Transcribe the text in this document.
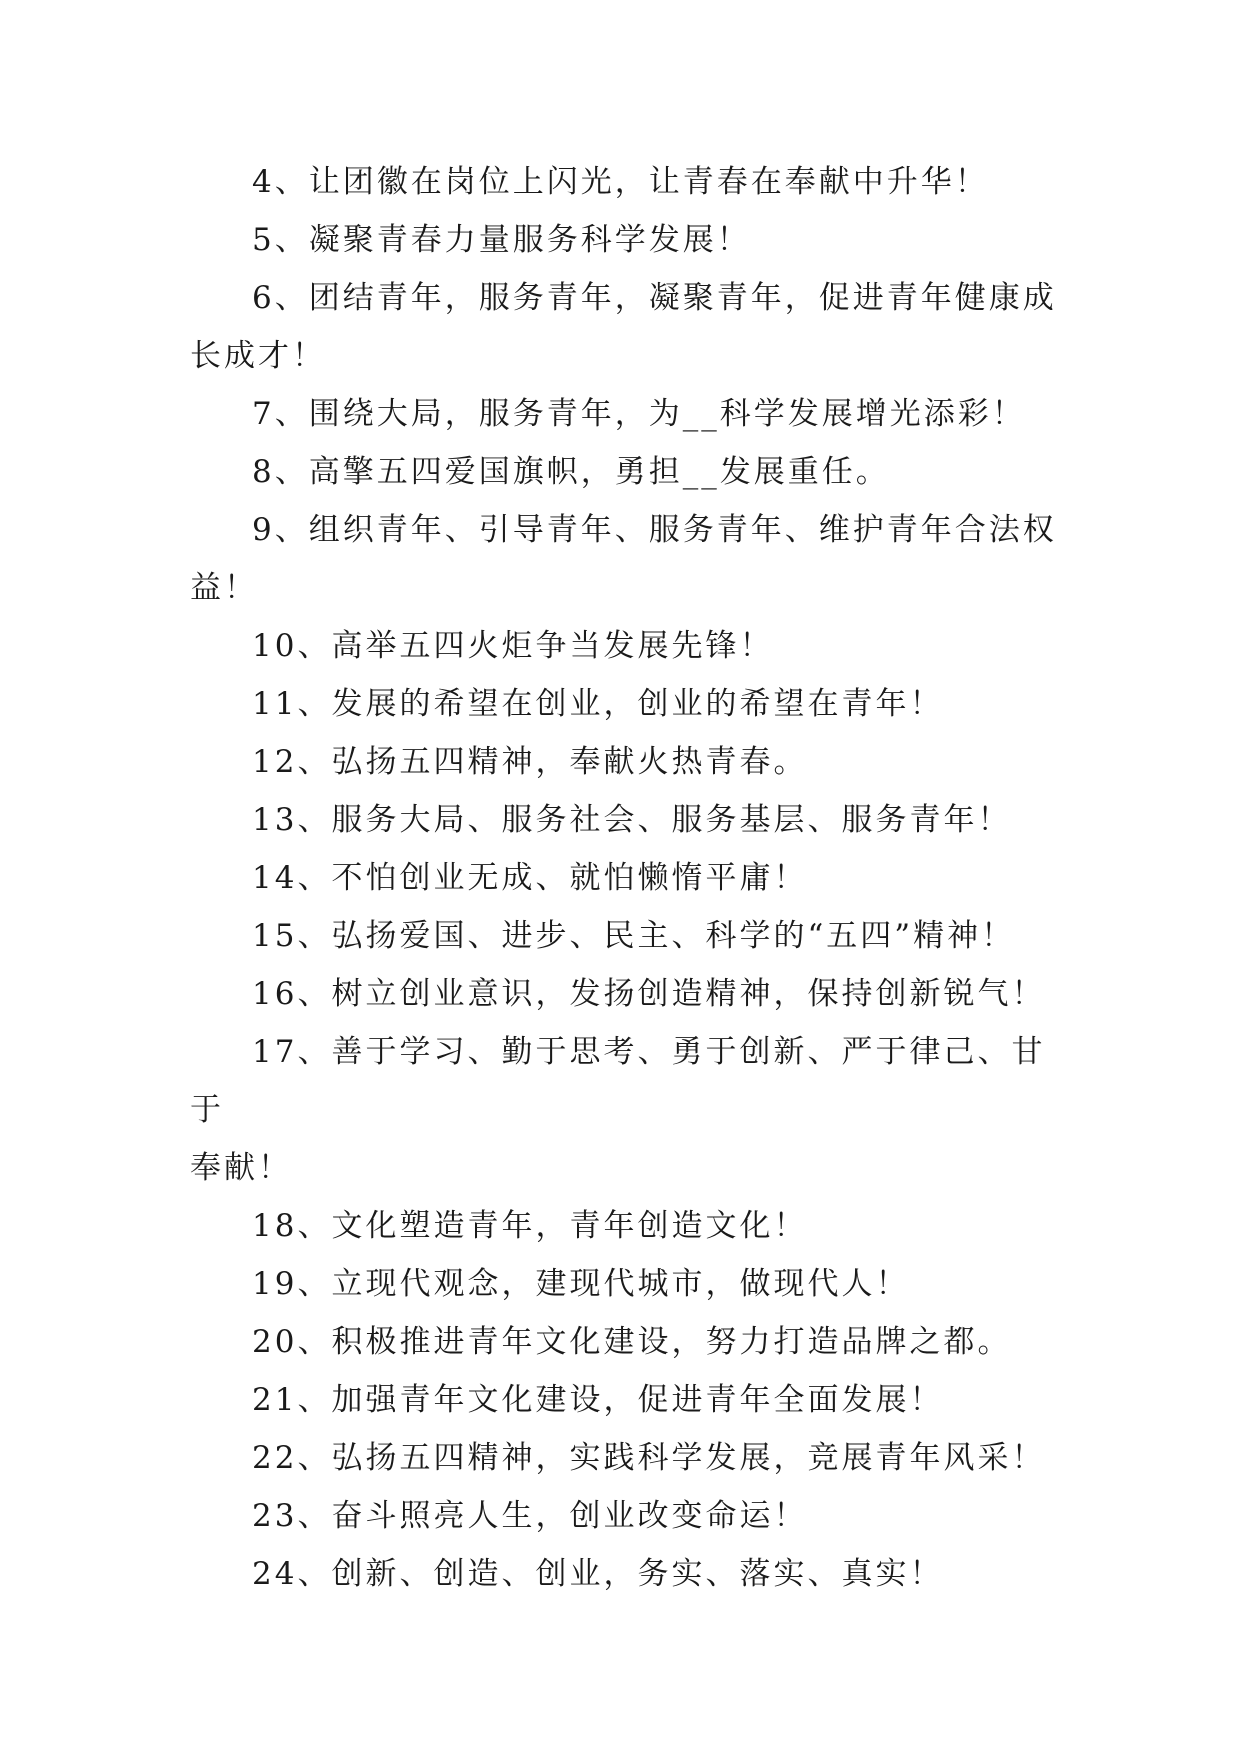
4、让团徽在岗位上闪光，让青春在奉献中升华！

5、凝聚青春力量服务科学发展！

6、团结青年，服务青年，凝聚青年，促进青年健康成
长成才！

7、围绕大局，服务青年，为__科学发展增光添彩！

8、高擎五四爱国旗帜，勇担__发展重任。

9、组织青年、引导青年、服务青年、维护青年合法权
益！

10、高举五四火炬争当发展先锋！

11、发展的希望在创业，创业的希望在青年！

12、弘扬五四精神，奉献火热青春。

13、服务大局、服务社会、服务基层、服务青年！

14、不怕创业无成、就怕懒惰平庸！

15、弘扬爱国、进步、民主、科学的“五四”精神！

16、树立创业意识，发扬创造精神，保持创新锐气！

17、善于学习、勤于思考、勇于创新、严于律己、甘于
奉献！

18、文化塑造青年，青年创造文化！

19、立现代观念，建现代城市，做现代人！

20、积极推进青年文化建设，努力打造品牌之都。

21、加强青年文化建设，促进青年全面发展！

22、弘扬五四精神，实践科学发展，竞展青年风采！

23、奋斗照亮人生，创业改变命运！

24、创新、创造、创业，务实、落实、真实！
